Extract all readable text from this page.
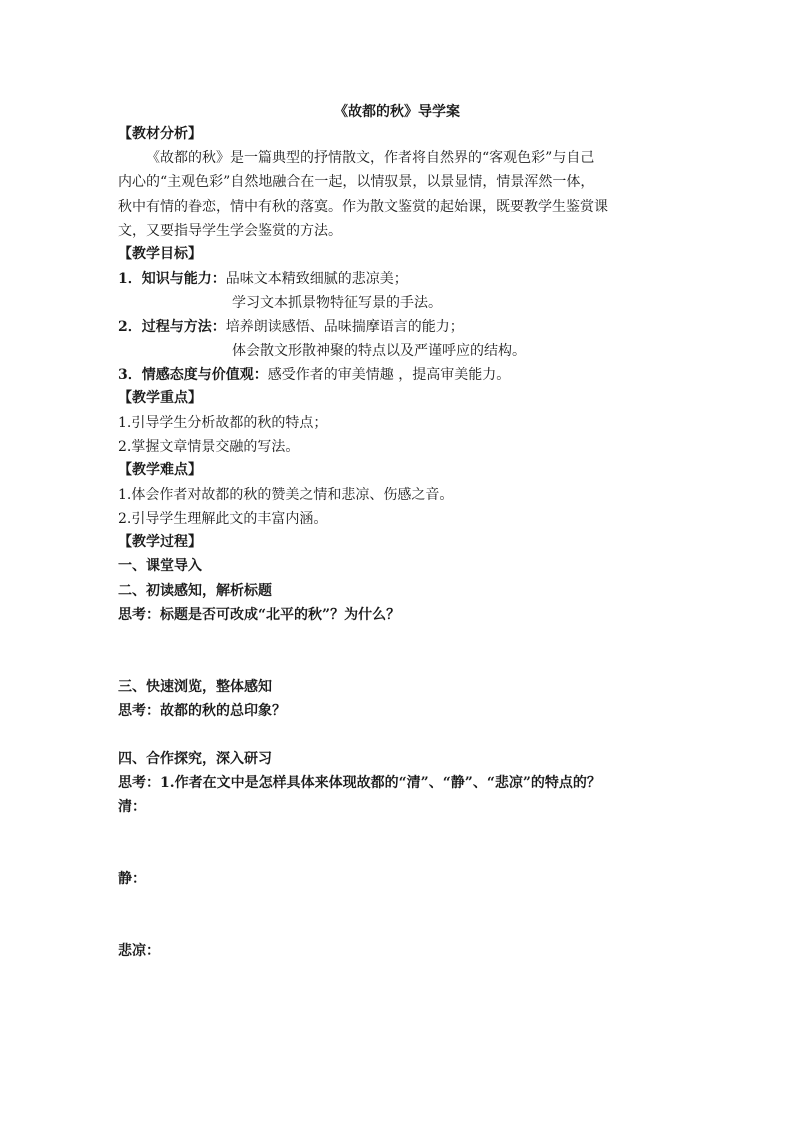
《故都的秋》导学案

【教材分析】

《故都的秋》是一篇典型的抒情散文，作者将自然界的“客观色彩”与自己

内心的“主观色彩”自然地融合在一起，以情驭景，以景显情，情景浑然一体，

秋中有情的眷恋，情中有秋的落寞。作为散文鉴赏的起始课，既要教学生鉴赏课

文，又要指导学生学会鉴赏的方法。

【教学目标】

1．知识与能力：品味文本精致细腻的悲凉美；

学习文本抓景物特征写景的手法。

2．过程与方法：培养朗读感悟、品味揣摩语言的能力；

体会散文形散神聚的特点以及严谨呼应的结构。

3．情感态度与价值观：感受作者的审美情趣 ，提高审美能力。

【教学重点】

1.引导学生分析故都的秋的特点；

2.掌握文章情景交融的写法。

【教学难点】

1.体会作者对故都的秋的赞美之情和悲凉、伤感之音。

2.引导学生理解此文的丰富内涵。

【教学过程】

一、课堂导入

二、初读感知，解析标题

思考：标题是否可改成“北平的秋”？为什么？

三、快速浏览，整体感知

思考：故都的秋的总印象？

四、合作探究，深入研习

思考：1.作者在文中是怎样具体来体现故都的“清”、“静”、“悲凉”的特点的？

清：

静：

悲凉：
